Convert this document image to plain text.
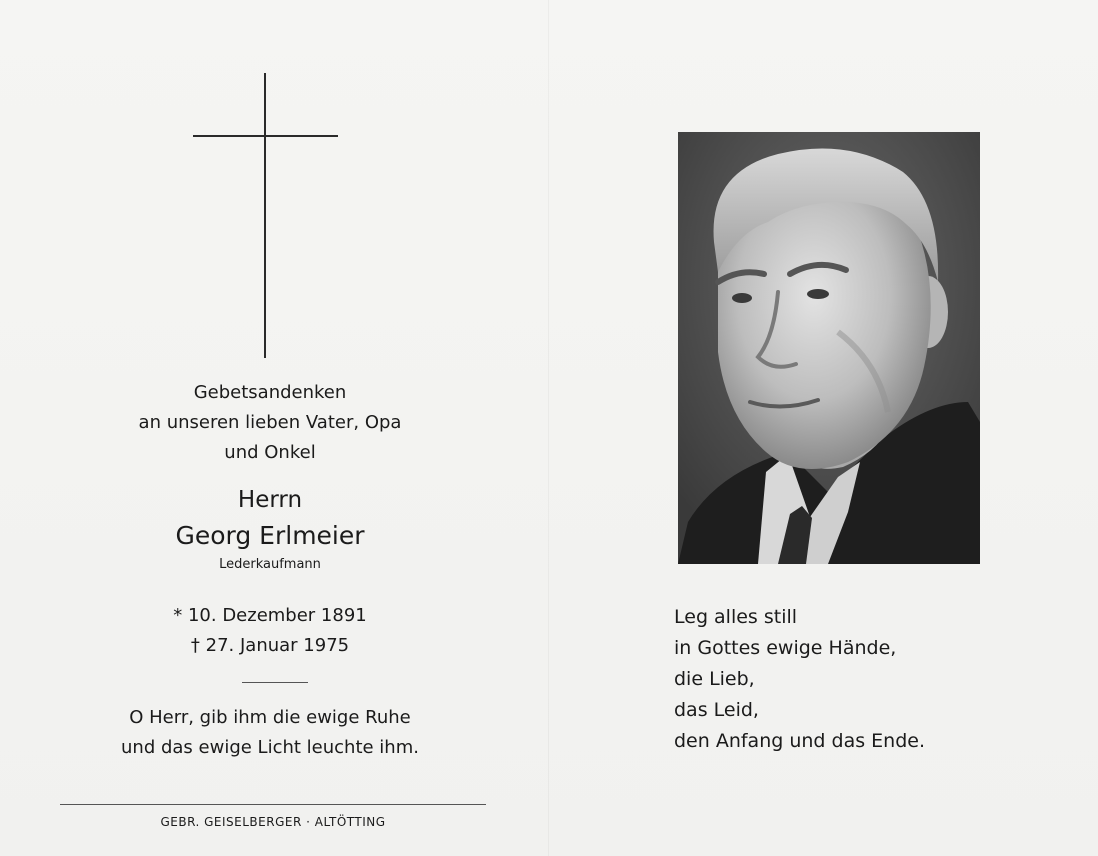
Gebetsandenken
an unseren lieben Vater, Opa
und Onkel
Herrn
Georg Erlmeier
Lederkaufmann
* 10. Dezember 1891
† 27. Januar 1975
O Herr, gib ihm die ewige Ruhe
und das ewige Licht leuchte ihm.
GEBR. GEISELBERGER · ALTÖTTING
Leg alles still
in Gottes ewige Hände,
die Lieb,
das Leid,
den Anfang und das Ende.
